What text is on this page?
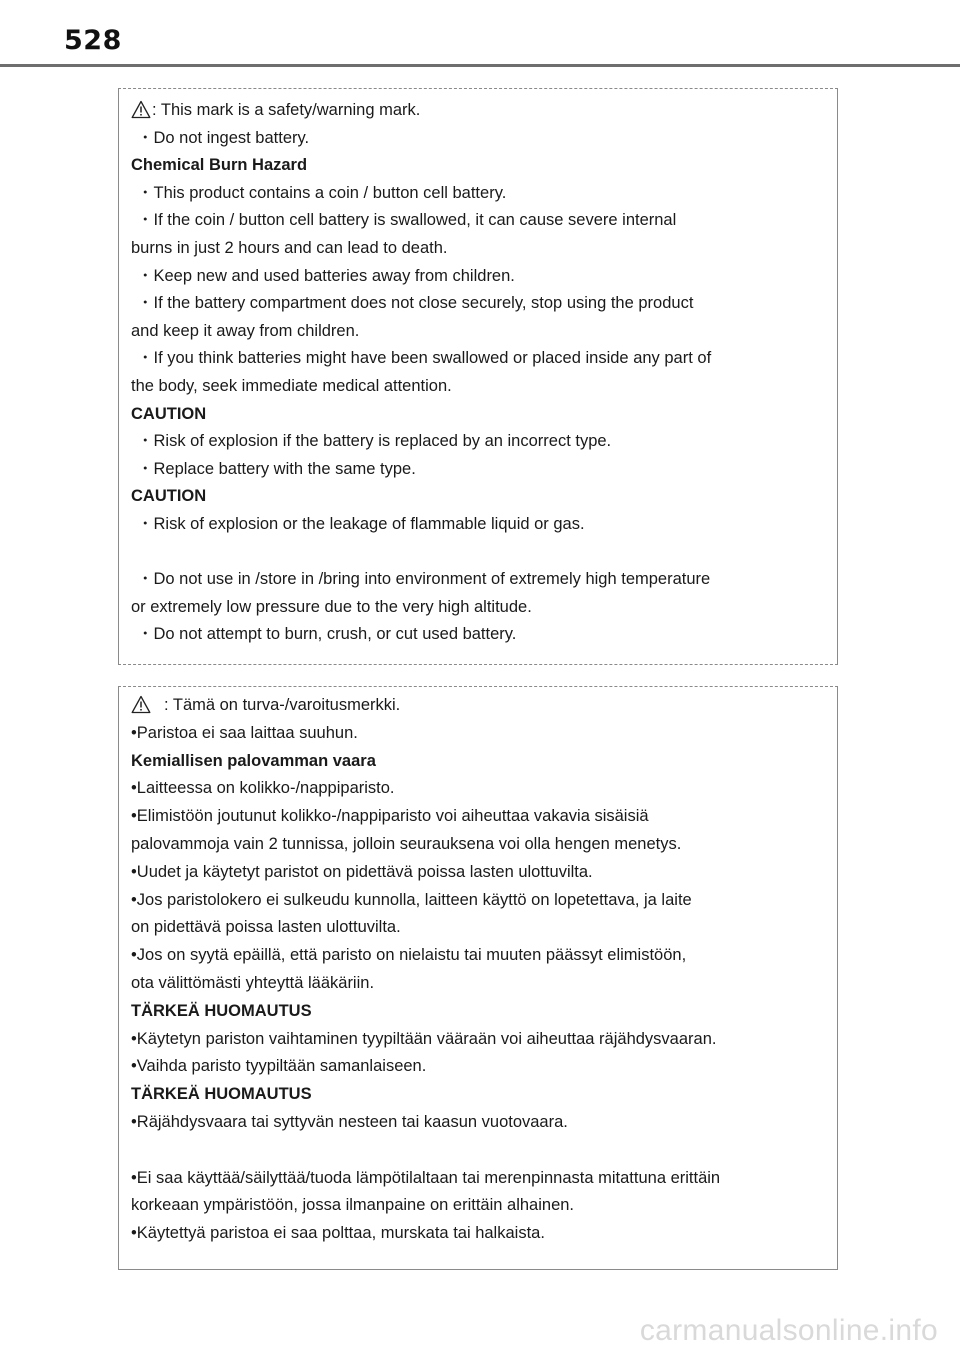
528
: This mark is a safety/warning mark.
・Do not ingest battery.
Chemical Burn Hazard
・This product contains a coin / button cell battery.
・If the coin / button cell battery is swallowed, it can cause severe internal
burns in just 2 hours and can lead to death.
・Keep new and used batteries away from children.
・If the battery compartment does not close securely, stop using the product
and keep it away from children.
・If you think batteries might have been swallowed or placed inside any part of
the body, seek immediate medical attention.
CAUTION
・Risk of explosion if the battery is replaced by an incorrect type.
・Replace battery with the same type.
CAUTION
・Risk of explosion or the leakage of flammable liquid or gas.
・Do not use in /store in /bring into environment of extremely high temperature
or extremely low pressure due to the very high altitude.
・Do not attempt to burn, crush, or cut used battery.
: Tämä on turva-/varoitusmerkki.
•Paristoa ei saa laittaa suuhun.
Kemiallisen palovamman vaara
•Laitteessa on kolikko-/nappiparisto.
•Elimistöön joutunut kolikko-/nappiparisto voi aiheuttaa vakavia sisäisiä
palovammoja vain 2 tunnissa, jolloin seurauksena voi olla hengen menetys.
•Uudet ja käytetyt paristot on pidettävä poissa lasten ulottuvilta.
•Jos paristolokero ei sulkeudu kunnolla, laitteen käyttö on lopetettava, ja laite
on pidettävä poissa lasten ulottuvilta.
•Jos on syytä epäillä, että paristo on nielaistu tai muuten päässyt elimistöön,
ota välittömästi yhteyttä lääkäriin.
TÄRKEÄ HUOMAUTUS
•Käytetyn pariston vaihtaminen tyypiltään vääraän voi aiheuttaa räjähdysvaaran.
•Vaihda paristo tyypiltään samanlaiseen.
TÄRKEÄ HUOMAUTUS
•Räjähdysvaara tai syttyvän nesteen tai kaasun vuotovaara.
•Ei saa käyttää/säilyttää/tuoda lämpötilaltaan tai merenpinnasta mitattuna erittäin
korkeaan ympäristöön, jossa ilmanpaine on erittäin alhainen.
•Käytettyä paristoa ei saa polttaa, murskata tai halkaista.
carmanualsonline.info
